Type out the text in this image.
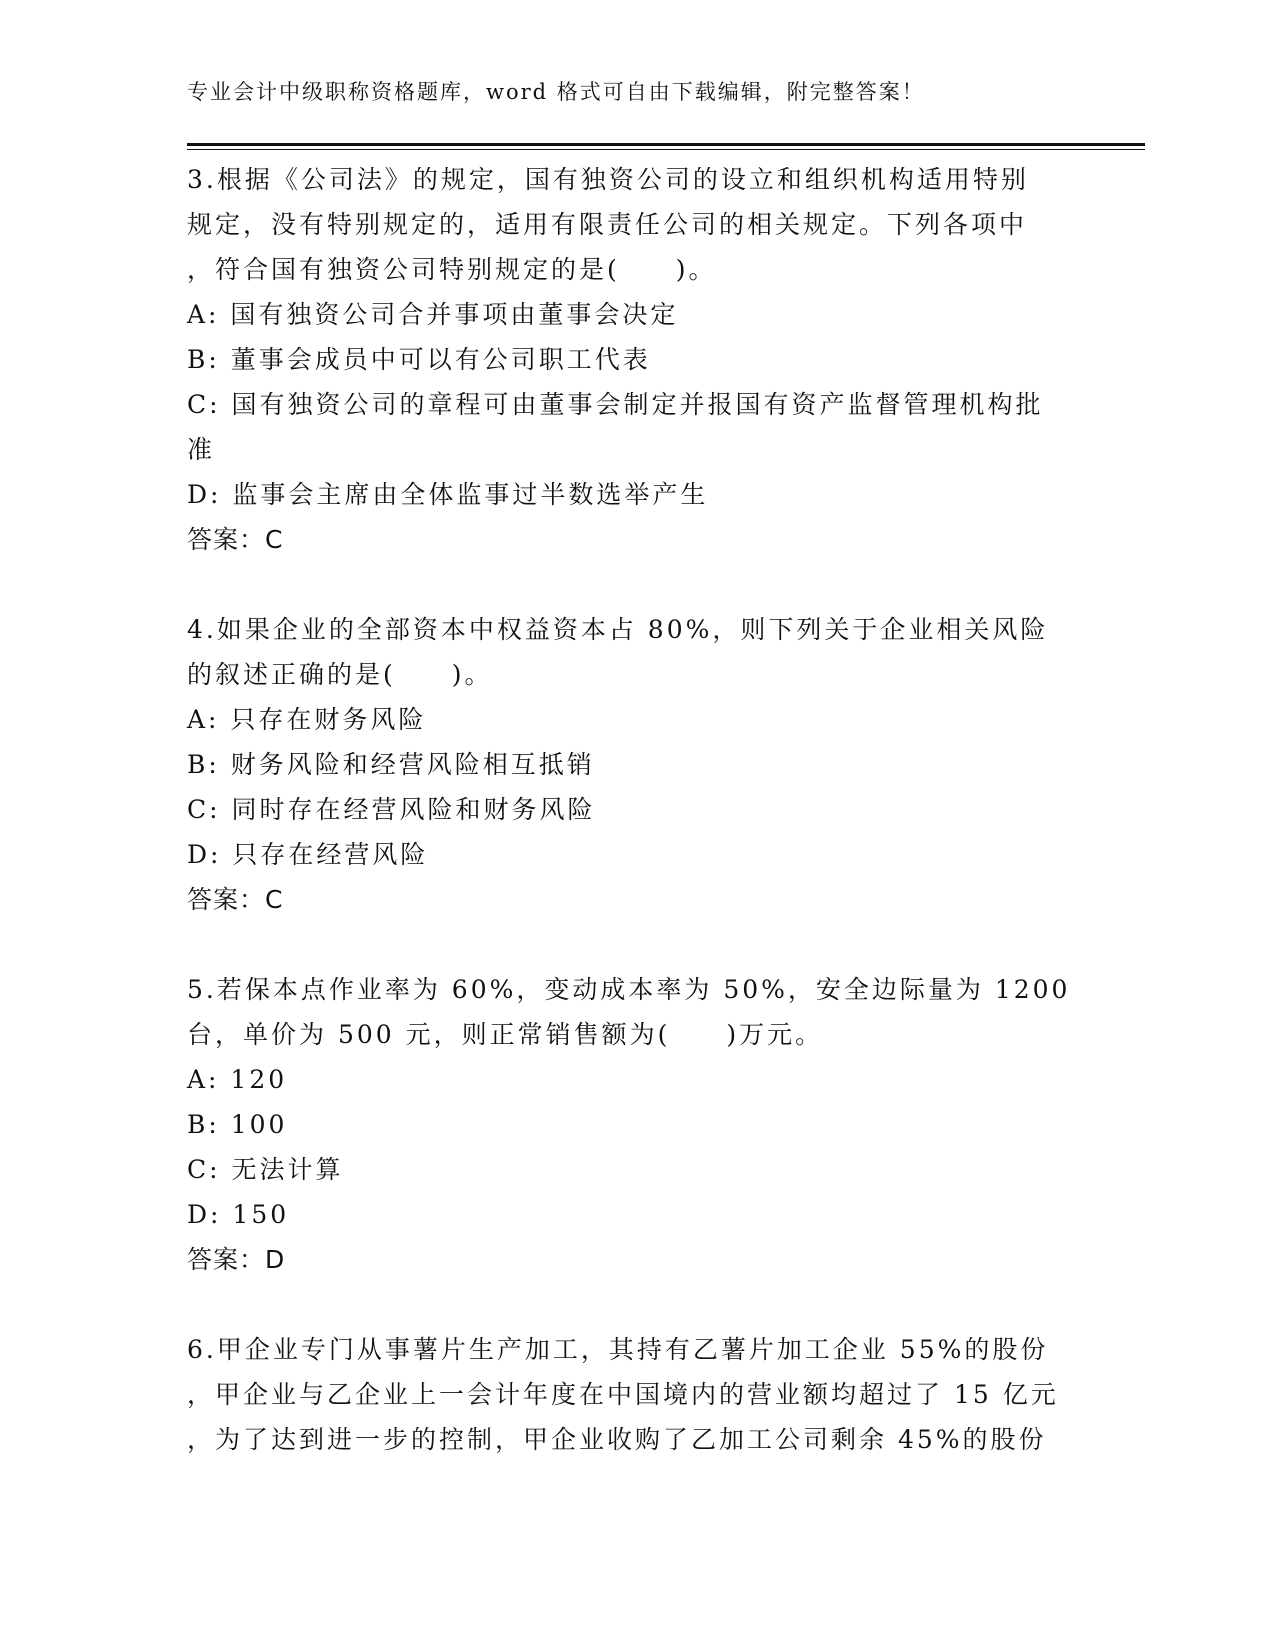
专业会计中级职称资格题库，word 格式可自由下载编辑，附完整答案！
3.根据《公司法》的规定，国有独资公司的设立和组织机构适用特别
规定，没有特别规定的，适用有限责任公司的相关规定。下列各项中
，符合国有独资公司特别规定的是(　　)。
A: 国有独资公司合并事项由董事会决定
B: 董事会成员中可以有公司职工代表
C: 国有独资公司的章程可由董事会制定并报国有资产监督管理机构批
准
D: 监事会主席由全体监事过半数选举产生
答案：C
4.如果企业的全部资本中权益资本占 80%，则下列关于企业相关风险
的叙述正确的是(　　)。
A: 只存在财务风险
B: 财务风险和经营风险相互抵销
C: 同时存在经营风险和财务风险
D: 只存在经营风险
答案：C
5.若保本点作业率为 60%，变动成本率为 50%，安全边际量为 1200
台，单价为 500 元，则正常销售额为(　　)万元。
A: 120
B: 100
C: 无法计算
D: 150
答案：D
6.甲企业专门从事薯片生产加工，其持有乙薯片加工企业 55%的股份
，甲企业与乙企业上一会计年度在中国境内的营业额均超过了 15 亿元
，为了达到进一步的控制，甲企业收购了乙加工公司剩余 45%的股份
